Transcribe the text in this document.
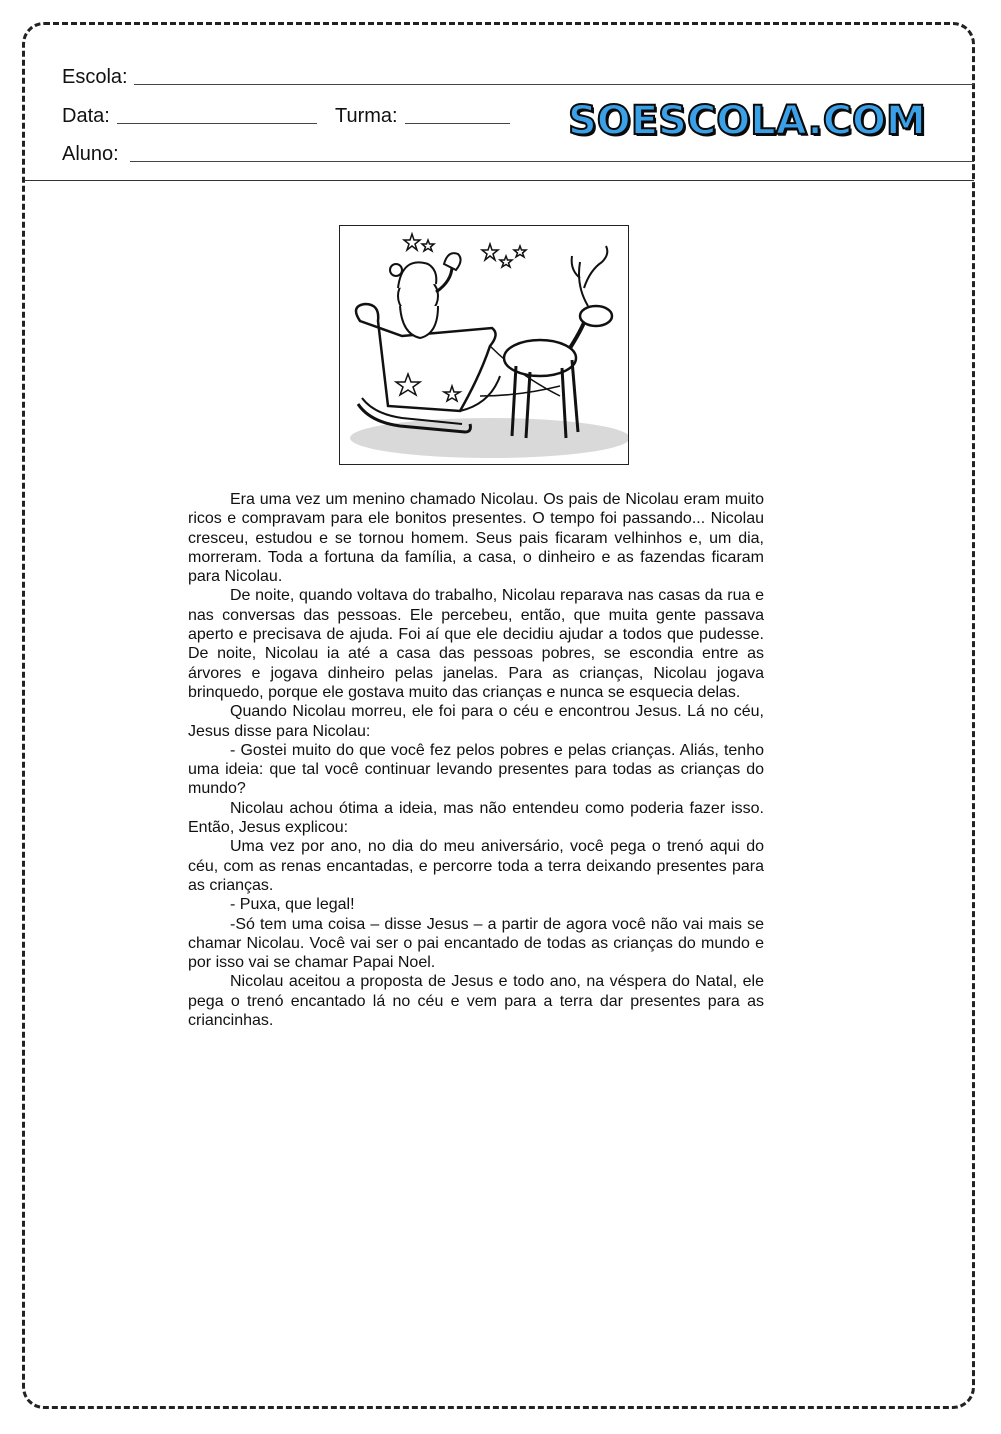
Escola:
Data:	Turma:	SOESCOLA.COM
Aluno:

Era uma vez um menino chamado Nicolau. Os pais de Nicolau eram muito ricos e compravam para ele bonitos presentes. O tempo foi passando... Nicolau cresceu, estudou e se tornou homem. Seus pais ficaram velhinhos e, um dia, morreram. Toda a fortuna da família, a casa, o dinheiro e as fazendas ficaram para Nicolau.

De noite, quando voltava do trabalho, Nicolau reparava nas casas da rua e nas conversas das pessoas. Ele percebeu, então, que muita gente passava aperto e precisava de ajuda. Foi aí que ele decidiu ajudar a todos que pudesse. De noite, Nicolau ia até a casa das pessoas pobres, se escondia entre as árvores e jogava dinheiro pelas janelas. Para as crianças, Nicolau jogava brinquedo, porque ele gostava muito das crianças e nunca se esquecia delas.

Quando Nicolau morreu, ele foi para o céu e encontrou Jesus. Lá no céu, Jesus disse para Nicolau:

- Gostei muito do que você fez pelos pobres e pelas crianças. Aliás, tenho uma ideia: que tal você continuar levando presentes para todas as crianças do mundo?

Nicolau achou ótima a ideia, mas não entendeu como poderia fazer isso. Então, Jesus explicou:

Uma vez por ano, no dia do meu aniversário, você pega o trenó aqui do céu, com as renas encantadas, e percorre toda a terra deixando presentes para as crianças.

- Puxa, que legal!

-Só tem uma coisa – disse Jesus – a partir de agora você não vai mais se chamar Nicolau. Você vai ser o pai encantado de todas as crianças do mundo e por isso vai se chamar Papai Noel.

Nicolau aceitou a proposta de Jesus e todo ano, na véspera do Natal, ele pega o trenó encantado lá no céu e vem para a terra dar presentes para as criancinhas.
